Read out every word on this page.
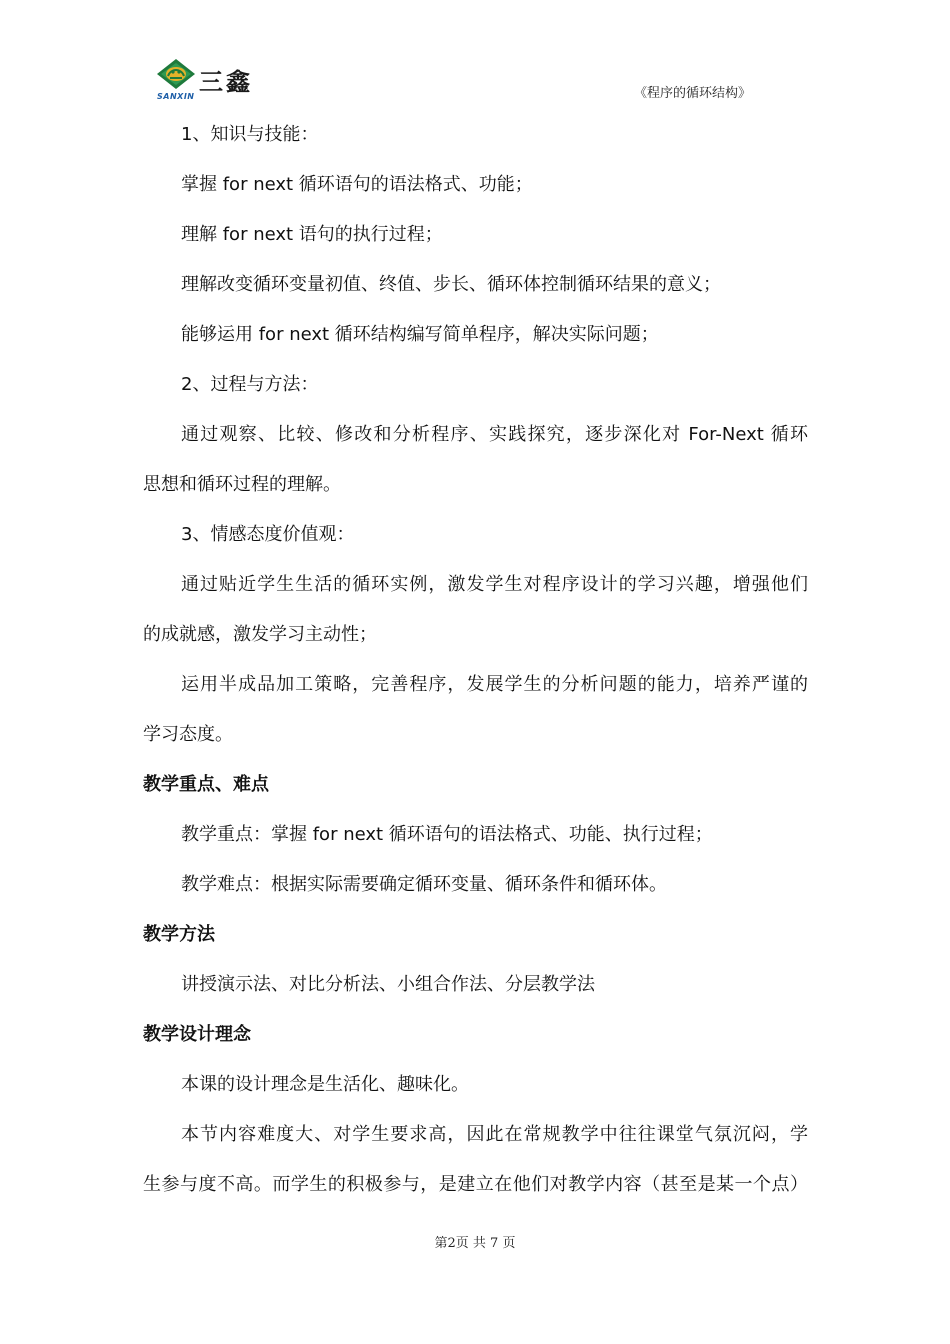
三鑫
SANXIN	《程序的循环结构》
1、知识与技能：
掌握 for next 循环语句的语法格式、功能；
理解 for next 语句的执行过程；
理解改变循环变量初值、终值、步长、循环体控制循环结果的意义；
能够运用 for next 循环结构编写简单程序，解决实际问题；
2、过程与方法：
通过观察、比较、修改和分析程序、实践探究，逐步深化对 For-Next 循环
思想和循环过程的理解。
3、情感态度价值观：
通过贴近学生生活的循环实例，激发学生对程序设计的学习兴趣，增强他们
的成就感，激发学习主动性；
运用半成品加工策略，完善程序，发展学生的分析问题的能力，培养严谨的
学习态度。
教学重点、难点
教学重点：掌握 for next 循环语句的语法格式、功能、执行过程；
教学难点：根据实际需要确定循环变量、循环条件和循环体。
教学方法
讲授演示法、对比分析法、小组合作法、分层教学法
教学设计理念
本课的设计理念是生活化、趣味化。
本节内容难度大、对学生要求高，因此在常规教学中往往课堂气氛沉闷，学
生参与度不高。而学生的积极参与，是建立在他们对教学内容（甚至是某一个点）
第2页 共 7 页
